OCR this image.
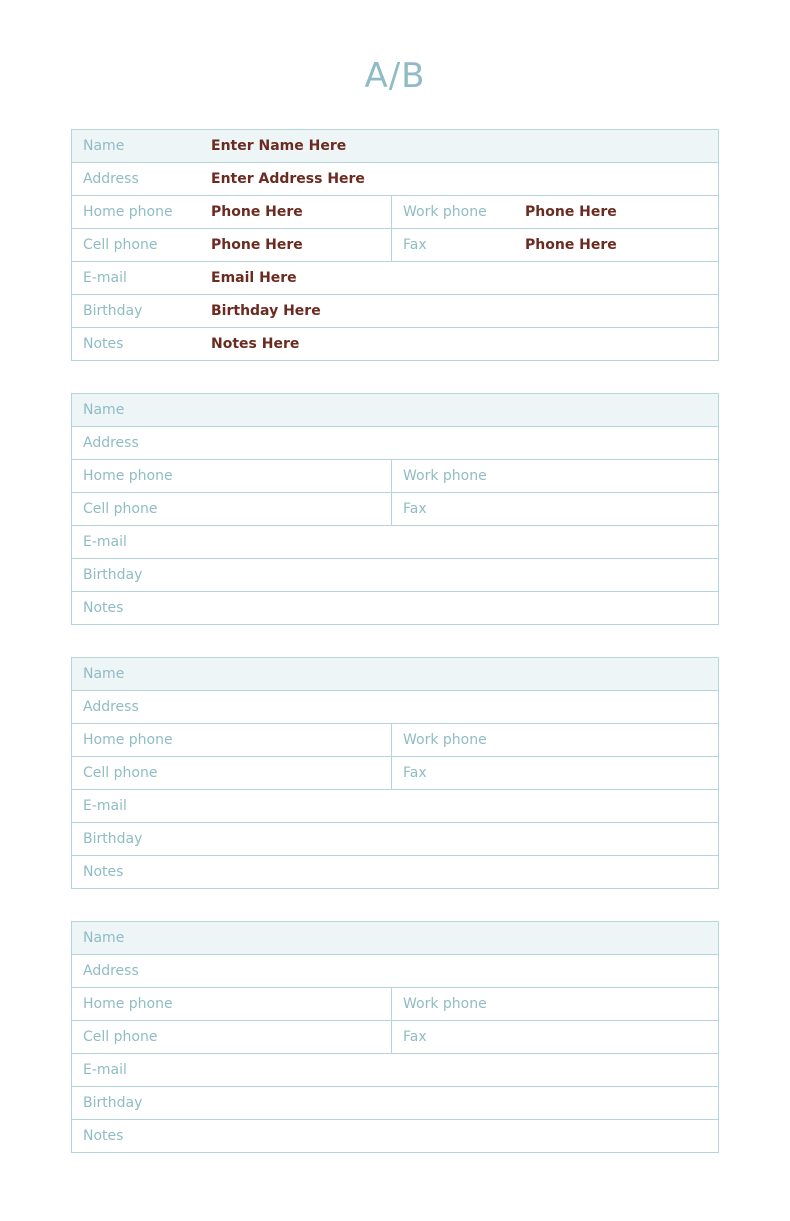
A/B
Name	Enter Name Here
Address	Enter Address Here
Home phone	Phone Here	Work phone	Phone Here
Cell phone	Phone Here	Fax	Phone Here
E-mail	Email Here
Birthday	Birthday Here
Notes	Notes Here
Name
Address
Home phone	Work phone
Cell phone	Fax
E-mail
Birthday
Notes
Name
Address
Home phone	Work phone
Cell phone	Fax
E-mail
Birthday
Notes
Name
Address
Home phone	Work phone
Cell phone	Fax
E-mail
Birthday
Notes
